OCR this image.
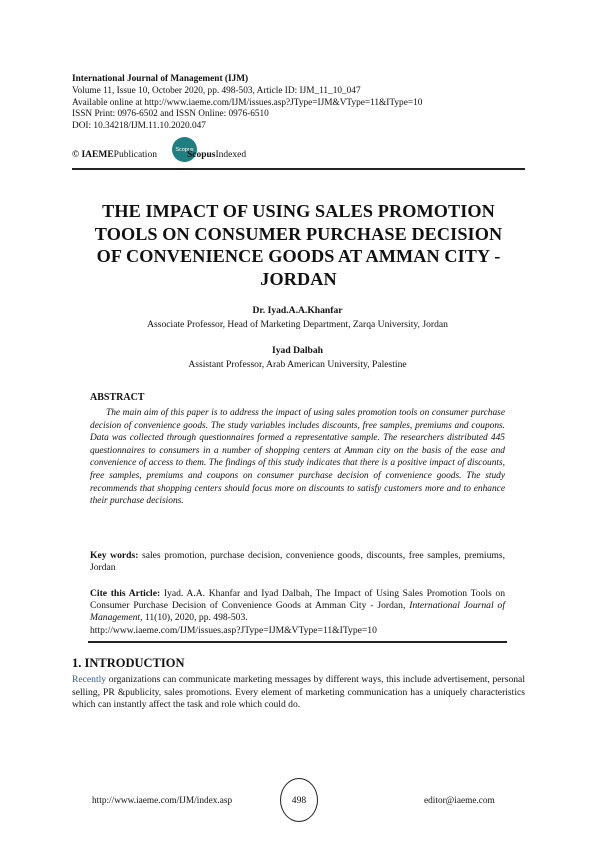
International Journal of Management (IJM)
Volume 11, Issue 10, October 2020, pp. 498-503, Article ID: IJM_11_10_047
Available online at http://www.iaeme.com/IJM/issues.asp?JType=IJM&VType=11&IType=10
ISSN Print: 0976-6502 and ISSN Online: 0976-6510
DOI: 10.34218/IJM.11.10.2020.047
Scopus
© IAEME Publication	Scopus Indexed
THE IMPACT OF USING SALES PROMOTION
TOOLS ON CONSUMER PURCHASE DECISION
OF CONVENIENCE GOODS AT AMMAN CITY -
JORDAN
Dr. Iyad.A.A.Khanfar
Associate Professor, Head of Marketing Department, Zarqa University, Jordan
Iyad Dalbah
Assistant Professor, Arab American University, Palestine
ABSTRACT
The main aim of this paper is to address the impact of using sales promotion tools on consumer purchase decision of convenience goods. The study variables includes discounts, free samples, premiums and coupons. Data was collected through questionnaires formed a representative sample. The researchers distributed 445 questionnaires to consumers in a number of shopping centers at Amman city on the basis of the ease and convenience of access to them. The findings of this study indicates that there is a positive impact of discounts, free samples, premiums and coupons on consumer purchase decision of convenience goods. The study recommends that shopping centers should focus more on discounts to satisfy customers more and to enhance their purchase decisions.
Key words: sales promotion, purchase decision, convenience goods, discounts, free samples, premiums, Jordan
Cite this Article: Iyad. A.A. Khanfar and Iyad Dalbah, The Impact of Using Sales Promotion Tools on Consumer Purchase Decision of Convenience Goods at Amman City - Jordan, International Journal of Management, 11(10), 2020, pp. 498-503.
http://www.iaeme.com/IJM/issues.asp?JType=IJM&VType=11&IType=10
1. INTRODUCTION
Recently organizations can communicate marketing messages by different ways, this include advertisement, personal selling, PR &publicity, sales promotions. Every element of marketing communication has a uniquely characteristics which can instantly affect the task and role which could do.
http://www.iaeme.com/IJM/index.asp	498	editor@iaeme.com
